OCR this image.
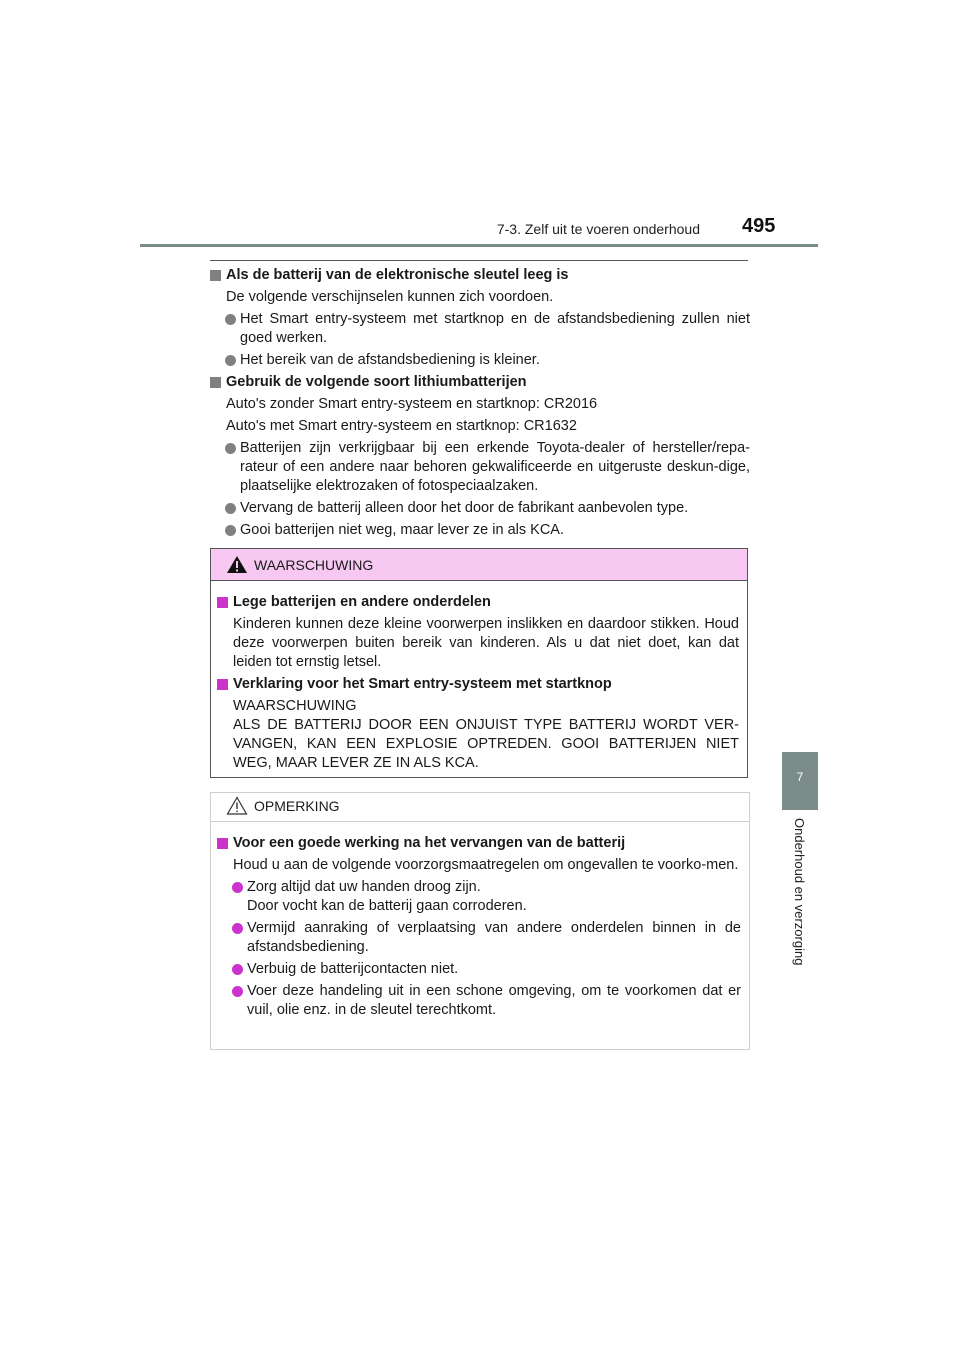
7-3. Zelf uit te voeren onderhoud 495
7
Onderhoud en verzorging
Als de batterij van de elektronische sleutel leeg is
De volgende verschijnselen kunnen zich voordoen.
Het Smart entry-systeem met startknop en de afstandsbediening zullen niet goed werken.
Het bereik van de afstandsbediening is kleiner.
Gebruik de volgende soort lithiumbatterijen
Auto's zonder Smart entry-systeem en startknop: CR2016
Auto's met Smart entry-systeem en startknop: CR1632
Batterijen zijn verkrijgbaar bij een erkende Toyota-dealer of hersteller/repa-rateur of een andere naar behoren gekwalificeerde en uitgeruste deskun-dige, plaatselijke elektrozaken of fotospeciaalzaken.
Vervang de batterij alleen door het door de fabrikant aanbevolen type.
Gooi batterijen niet weg, maar lever ze in als KCA.
WAARSCHUWING
Lege batterijen en andere onderdelen
Kinderen kunnen deze kleine voorwerpen inslikken en daardoor stikken. Houd deze voorwerpen buiten bereik van kinderen. Als u dat niet doet, kan dat leiden tot ernstig letsel.
Verklaring voor het Smart entry-systeem met startknop
WAARSCHUWING
ALS DE BATTERIJ DOOR EEN ONJUIST TYPE BATTERIJ WORDT VER-VANGEN, KAN EEN EXPLOSIE OPTREDEN. GOOI BATTERIJEN NIET WEG, MAAR LEVER ZE IN ALS KCA.
OPMERKING
Voor een goede werking na het vervangen van de batterij
Houd u aan de volgende voorzorgsmaatregelen om ongevallen te voorko-men.
Zorg altijd dat uw handen droog zijn.
Door vocht kan de batterij gaan corroderen.
Vermijd aanraking of verplaatsing van andere onderdelen binnen in de afstandsbediening.
Verbuig de batterijcontacten niet.
Voer deze handeling uit in een schone omgeving, om te voorkomen dat er vuil, olie enz. in de sleutel terechtkomt.
